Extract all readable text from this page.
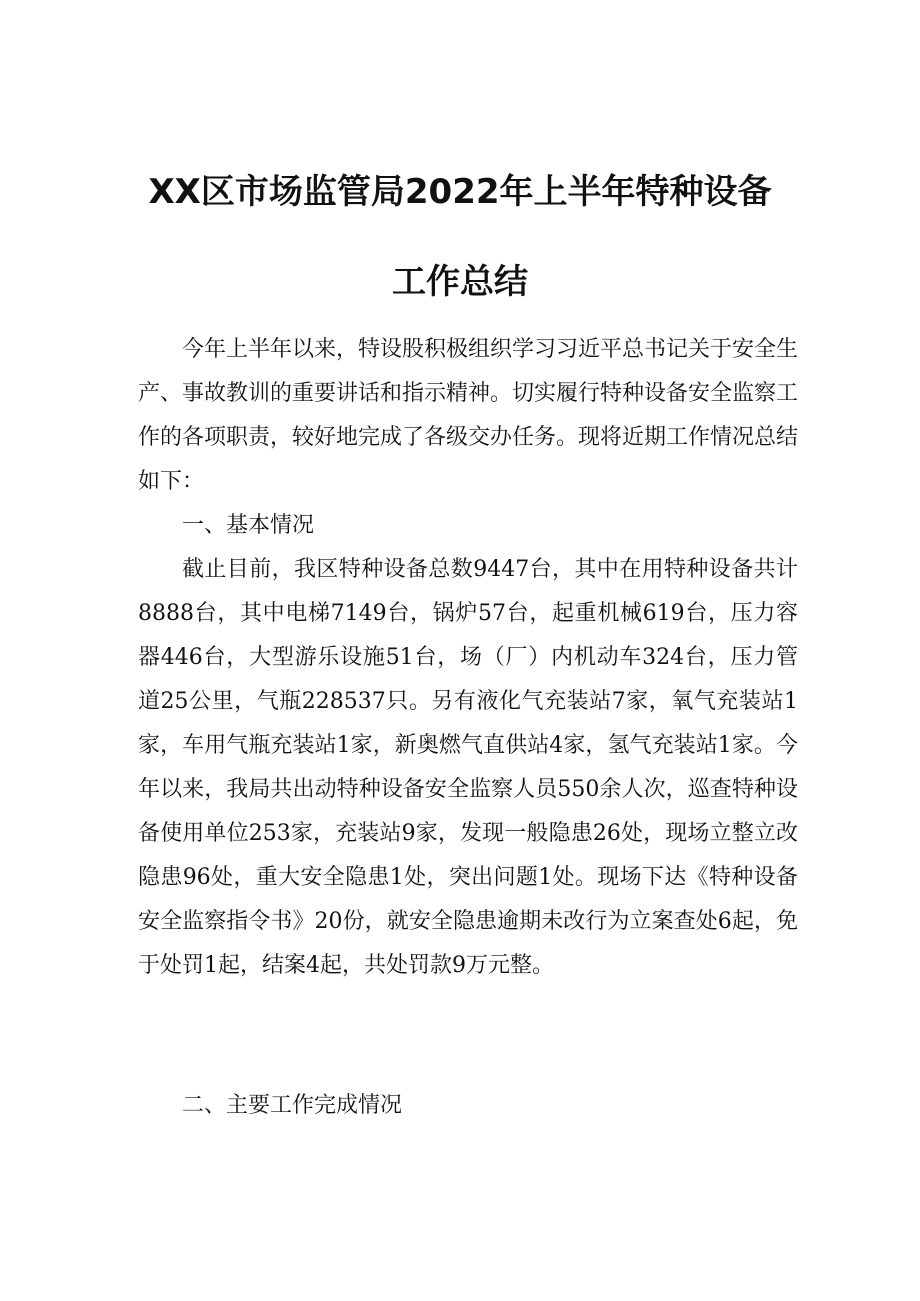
XX区市场监管局2022年上半年特种设备
工作总结

今年上半年以来，特设股积极组织学习习近平总书记关于安全生产、事故教训的重要讲话和指示精神。切实履行特种设备安全监察工作的各项职责，较好地完成了各级交办任务。现将近期工作情况总结如下：

一、基本情况

截止目前，我区特种设备总数9447台，其中在用特种设备共计8888台，其中电梯7149台，锅炉57台，起重机械619台，压力容器446台，大型游乐设施51台，场（厂）内机动车324台，压力管道25公里，气瓶228537只。另有液化气充装站7家，氧气充装站1家，车用气瓶充装站1家，新奥燃气直供站4家，氢气充装站1家。今年以来，我局共出动特种设备安全监察人员550余人次，巡查特种设备使用单位253家，充装站9家，发现一般隐患26处，现场立整立改隐患96处，重大安全隐患1处，突出问题1处。现场下达《特种设备安全监察指令书》20份，就安全隐患逾期未改行为立案查处6起，免于处罚1起，结案4起，共处罚款9万元整。

二、主要工作完成情况
